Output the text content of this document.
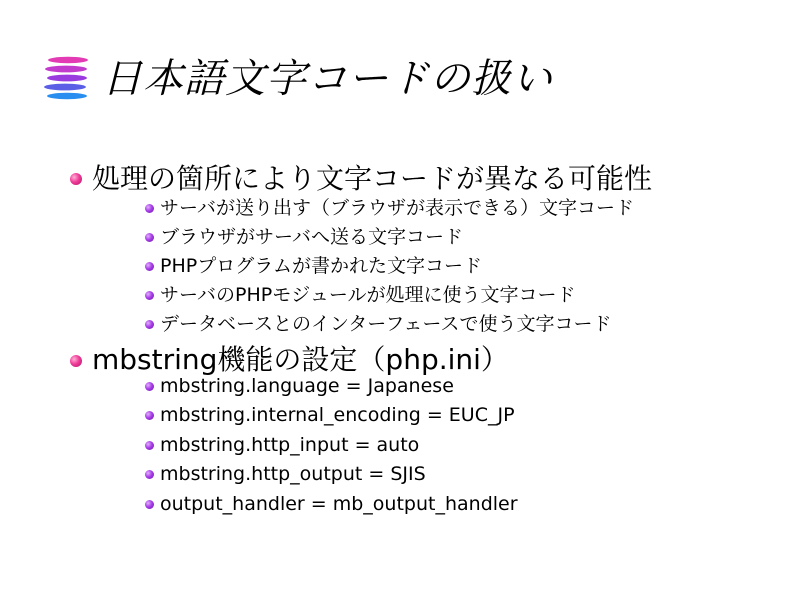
日本語文字コードの扱い
処理の箇所により文字コードが異なる可能性
サーバが送り出す（ブラウザが表示できる）文字コード
ブラウザがサーバへ送る文字コード
PHPプログラムが書かれた文字コード
サーバのPHPモジュールが処理に使う文字コード
データベースとのインターフェースで使う文字コード
mbstring機能の設定（php.ini）
mbstring.language = Japanese
mbstring.internal_encoding = EUC_JP
mbstring.http_input = auto
mbstring.http_output = SJIS
output_handler = mb_output_handler
